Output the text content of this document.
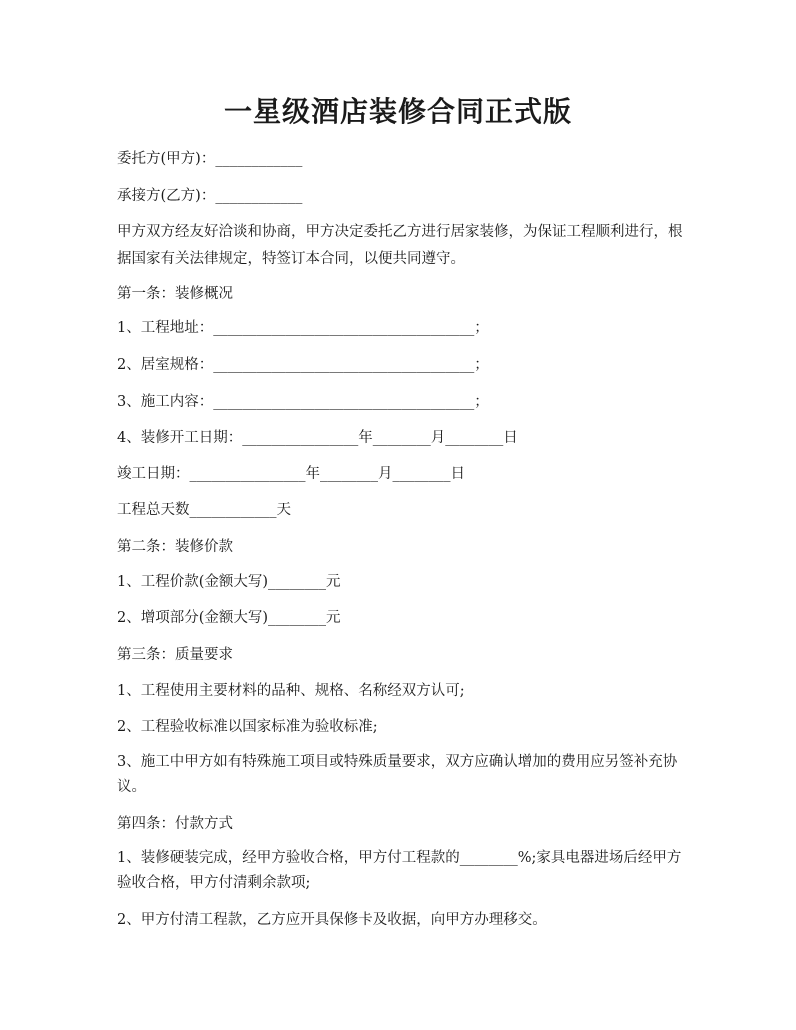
一星级酒店装修合同正式版
委托方(甲方)：____________
承接方(乙方)：____________
甲方双方经友好洽谈和协商，甲方决定委托乙方进行居家装修，为保证工程顺利进行，根据国家有关法律规定，特签订本合同，以便共同遵守。
第一条：装修概况
1、工程地址：____________________________________；
2、居室规格：____________________________________；
3、施工内容：____________________________________；
4、装修开工日期：________________年________月________日
竣工日期：________________年________月________日
工程总天数____________天
第二条：装修价款
1、工程价款(金额大写)________元
2、增项部分(金额大写)________元
第三条：质量要求
1、工程使用主要材料的品种、规格、名称经双方认可;
2、工程验收标准以国家标准为验收标准;
3、施工中甲方如有特殊施工项目或特殊质量要求，双方应确认增加的费用应另签补充协议。
第四条：付款方式
1、装修硬装完成，经甲方验收合格，甲方付工程款的________%;家具电器进场后经甲方验收合格，甲方付清剩余款项;
2、甲方付清工程款，乙方应开具保修卡及收据，向甲方办理移交。
